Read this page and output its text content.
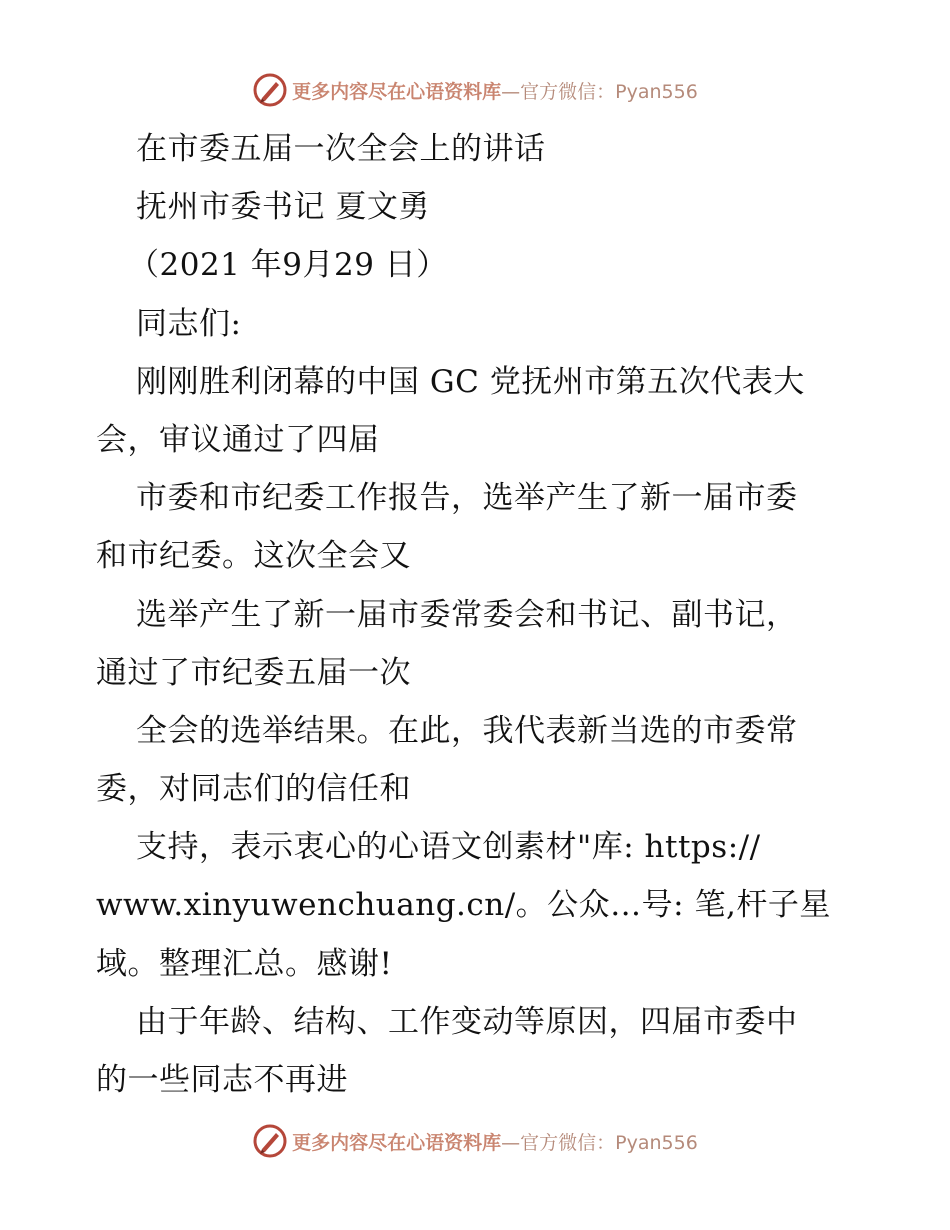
更多内容尽在心语资料库—官方微信：Pyan556
在市委五届一次全会上的讲话
抚州市委书记 夏文勇
（2021 年9月29 日）
同志们:
刚刚胜利闭幕的中国 GC 党抚州市第五次代表大
会，审议通过了四届
市委和市纪委工作报告，选举产生了新一届市委
和市纪委。这次全会又
选举产生了新一届市委常委会和书记、副书记，
通过了市纪委五届一次
全会的选举结果。在此，我代表新当选的市委常
委，对同志们的信任和
支持，表示衷心的心语文创素材"库: https://
www.xinyuwenchuang.cn/。公众…号: 笔,杆子星
域。整理汇总。感谢!
由于年龄、结构、工作变动等原因，四届市委中
的一些同志不再进
更多内容尽在心语资料库—官方微信：Pyan556
